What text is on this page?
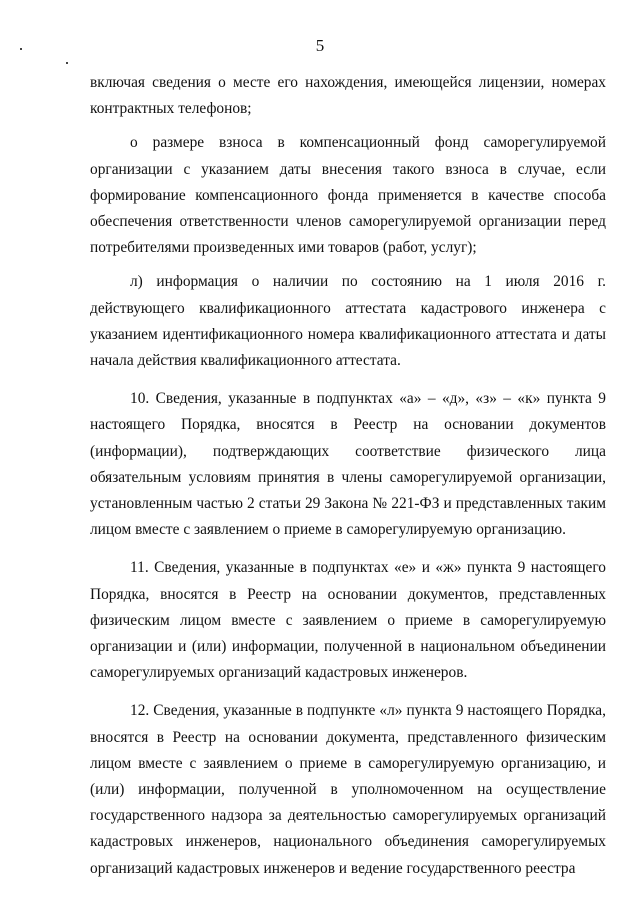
5

включая сведения о месте его нахождения, имеющейся лицензии, номерах контрактных телефонов;

о размере взноса в компенсационный фонд саморегулируемой организации с указанием даты внесения такого взноса в случае, если формирование компенсационного фонда применяется в качестве способа обеспечения ответственности членов саморегулируемой организации перед потребителями произведенных ими товаров (работ, услуг);

л) информация о наличии по состоянию на 1 июля 2016 г. действующего квалификационного аттестата кадастрового инженера с указанием идентификационного номера квалификационного аттестата и даты начала действия квалификационного аттестата.

10. Сведения, указанные в подпунктах «а» – «д», «з» – «к» пункта 9 настоящего Порядка, вносятся в Реестр на основании документов (информации), подтверждающих соответствие физического лица обязательным условиям принятия в члены саморегулируемой организации, установленным частью 2 статьи 29 Закона № 221-ФЗ и представленных таким лицом вместе с заявлением о приеме в саморегулируемую организацию.

11. Сведения, указанные в подпунктах «е» и «ж» пункта 9 настоящего Порядка, вносятся в Реестр на основании документов, представленных физическим лицом вместе с заявлением о приеме в саморегулируемую организации и (или) информации, полученной в национальном объединении саморегулируемых организаций кадастровых инженеров.

12. Сведения, указанные в подпункте «л» пункта 9 настоящего Порядка, вносятся в Реестр на основании документа, представленного физическим лицом вместе с заявлением о приеме в саморегулируемую организацию, и (или) информации, полученной в уполномоченном на осуществление государственного надзора за деятельностью саморегулируемых организаций кадастровых инженеров, национального объединения саморегулируемых организаций кадастровых инженеров и ведение государственного реестра
